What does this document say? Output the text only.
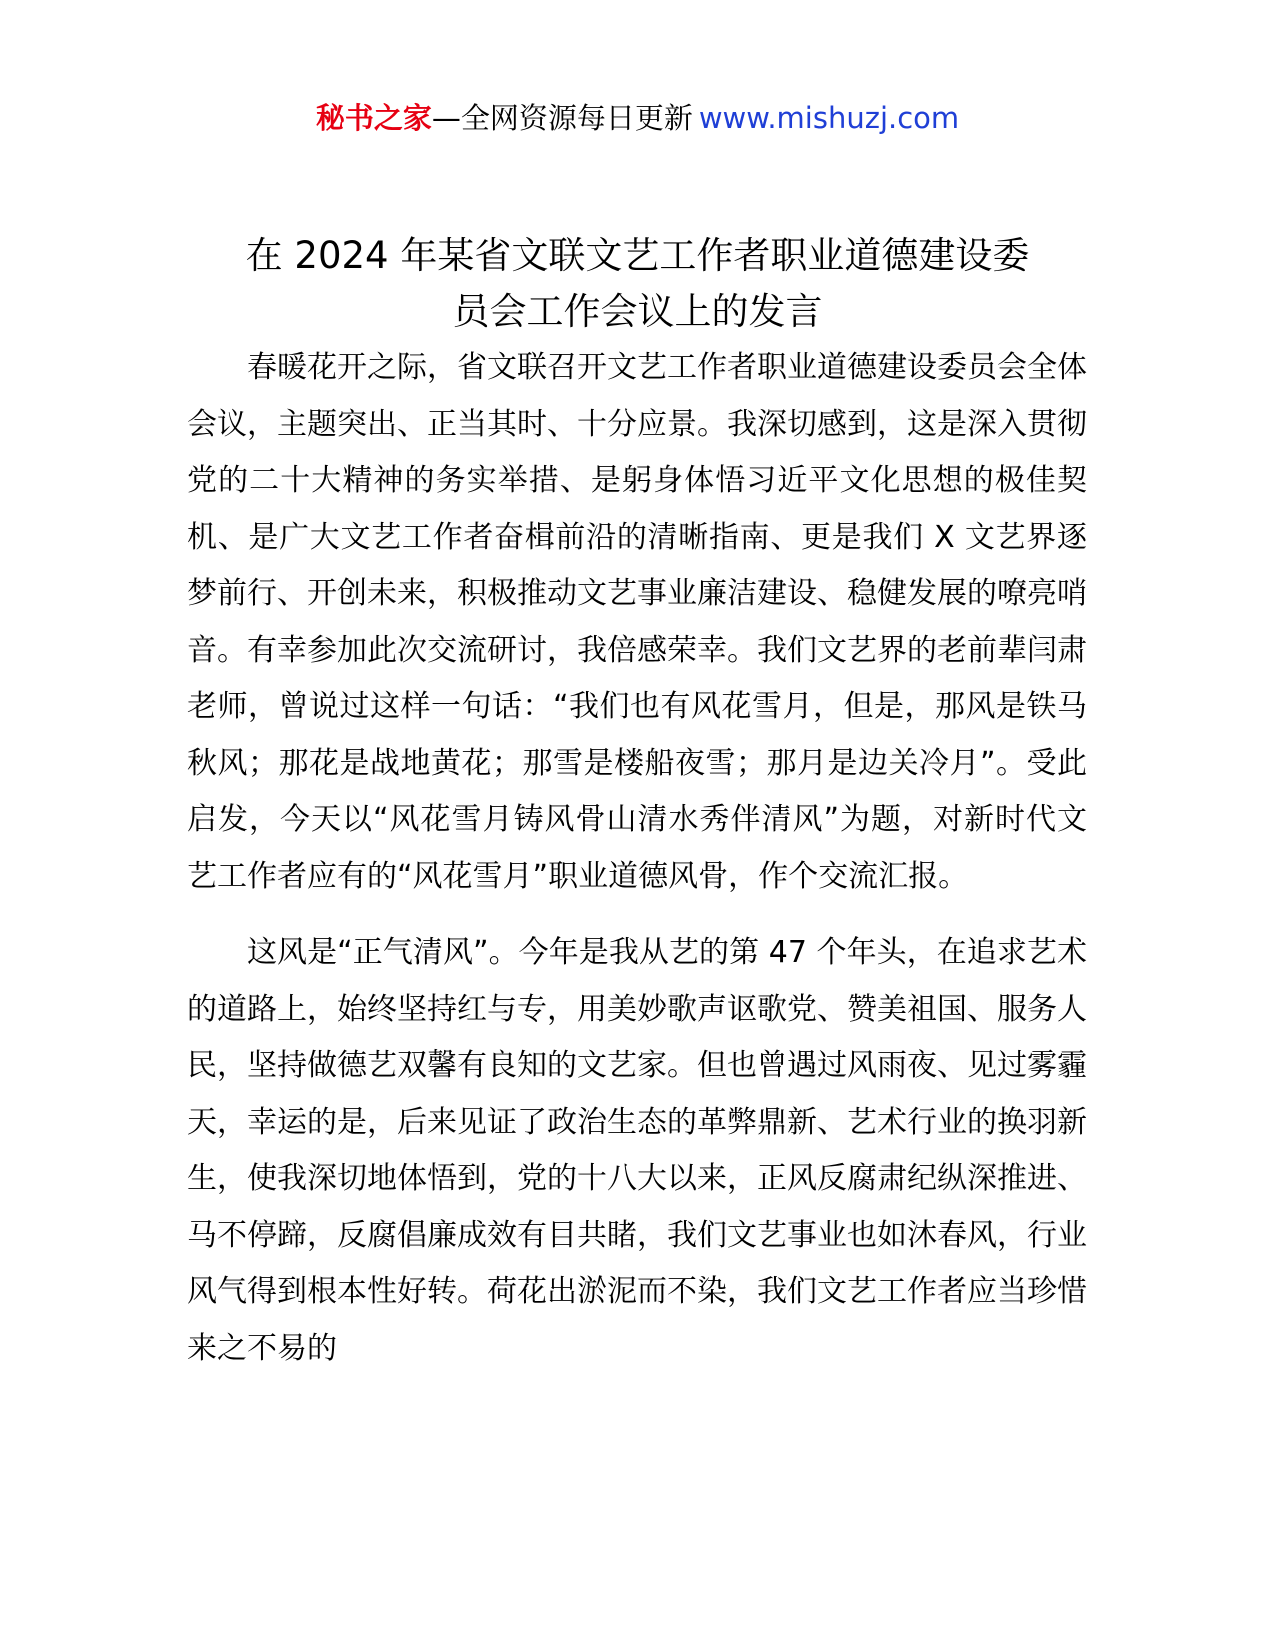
秘书之家—全网资源每日更新 www.mishuzj.com
在 2024 年某省文联文艺工作者职业道德建设委
员会工作会议上的发言

春暖花开之际，省文联召开文艺工作者职业道德建设委员会全体会议，主题突出、正当其时、十分应景。我深切感到，这是深入贯彻党的二十大精神的务实举措、是躬身体悟习近平文化思想的极佳契机、是广大文艺工作者奋楫前沿的清晰指南、更是我们 X 文艺界逐梦前行、开创未来，积极推动文艺事业廉洁建设、稳健发展的嘹亮哨音。有幸参加此次交流研讨，我倍感荣幸。我们文艺界的老前辈闫肃老师，曾说过这样一句话：“我们也有风花雪月，但是，那风是铁马秋风；那花是战地黄花；那雪是楼船夜雪；那月是边关冷月”。受此启发，今天以“风花雪月铸风骨山清水秀伴清风”为题，对新时代文艺工作者应有的“风花雪月”职业道德风骨，作个交流汇报。

这风是“正气清风”。今年是我从艺的第 47 个年头，在追求艺术的道路上，始终坚持红与专，用美妙歌声讴歌党、赞美祖国、服务人民，坚持做德艺双馨有良知的文艺家。但也曾遇过风雨夜、见过雾霾天，幸运的是，后来见证了政治生态的革弊鼎新、艺术行业的换羽新生，使我深切地体悟到，党的十八大以来，正风反腐肃纪纵深推进、马不停蹄，反腐倡廉成效有目共睹，我们文艺事业也如沐春风，行业风气得到根本性好转。荷花出淤泥而不染，我们文艺工作者应当珍惜来之不易的
